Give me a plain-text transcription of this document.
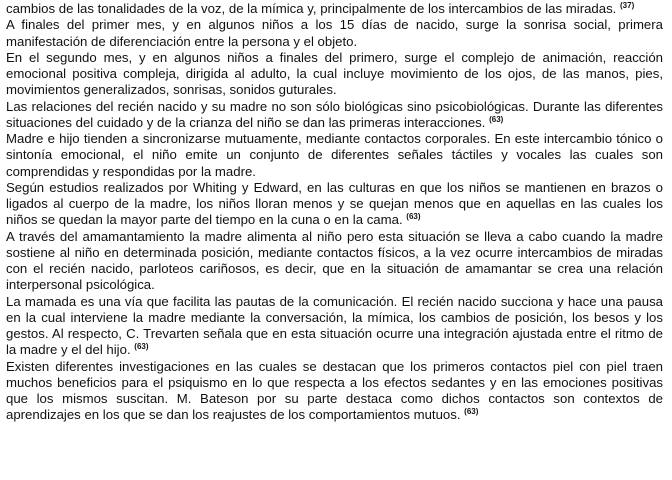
cambios de las tonalidades de la voz, de la mímica y, principalmente de los intercambios de las miradas. $^{(37)}$

A finales del primer mes, y en algunos niños a los 15 días de nacido, surge la sonrisa social, primera manifestación de diferenciación entre la persona y el objeto.

En el segundo mes, y en algunos niños a finales del primero, surge el complejo de animación, reacción emocional positiva compleja, dirigida al adulto, la cual incluye movimiento de los ojos, de las manos, pies, movimientos generalizados, sonrisas, sonidos guturales.

Las relaciones del recién nacido y su madre no son sólo biológicas sino psicobiológicas. Durante las diferentes situaciones del cuidado y de la crianza del niño se dan las primeras interacciones. $^{(63)}$

Madre e hijo tienden a sincronizarse mutuamente, mediante contactos corporales. En este intercambio tónico o sintonía emocional, el niño emite un conjunto de diferentes señales táctiles y vocales las cuales son comprendidas y respondidas por la madre.

Según estudios realizados por Whiting y Edward, en las culturas en que los niños se mantienen en brazos o ligados al cuerpo de la madre, los niños lloran menos y se quejan menos que en aquellas en las cuales los niños se quedan la mayor parte del tiempo en la cuna o en la cama. $^{(63)}$

A través del amamantamiento la madre alimenta al niño pero esta situación se lleva a cabo cuando la madre sostiene al niño en determinada posición, mediante contactos físicos, a la vez ocurre intercambios de miradas con el recién nacido, parloteos cariñosos, es decir, que en la situación de amamantar se crea una relación interpersonal psicológica.

La mamada es una vía que facilita las pautas de la comunicación. El recién nacido succiona y hace una pausa en la cual interviene la madre mediante la conversación, la mímica, los cambios de posición, los besos y los gestos. Al respecto, C. Trevarten señala que en esta situación ocurre una integración ajustada entre el ritmo de la madre y el del hijo. $^{(63)}$

Existen diferentes investigaciones en las cuales se destacan que los primeros contactos piel con piel traen muchos beneficios para el psiquismo en lo que respecta a los efectos sedantes y en las emociones positivas que los mismos suscitan. M. Bateson por su parte destaca como dichos contactos son contextos de aprendizajes en los que se dan los reajustes de los comportamientos mutuos. $^{(63)}$
